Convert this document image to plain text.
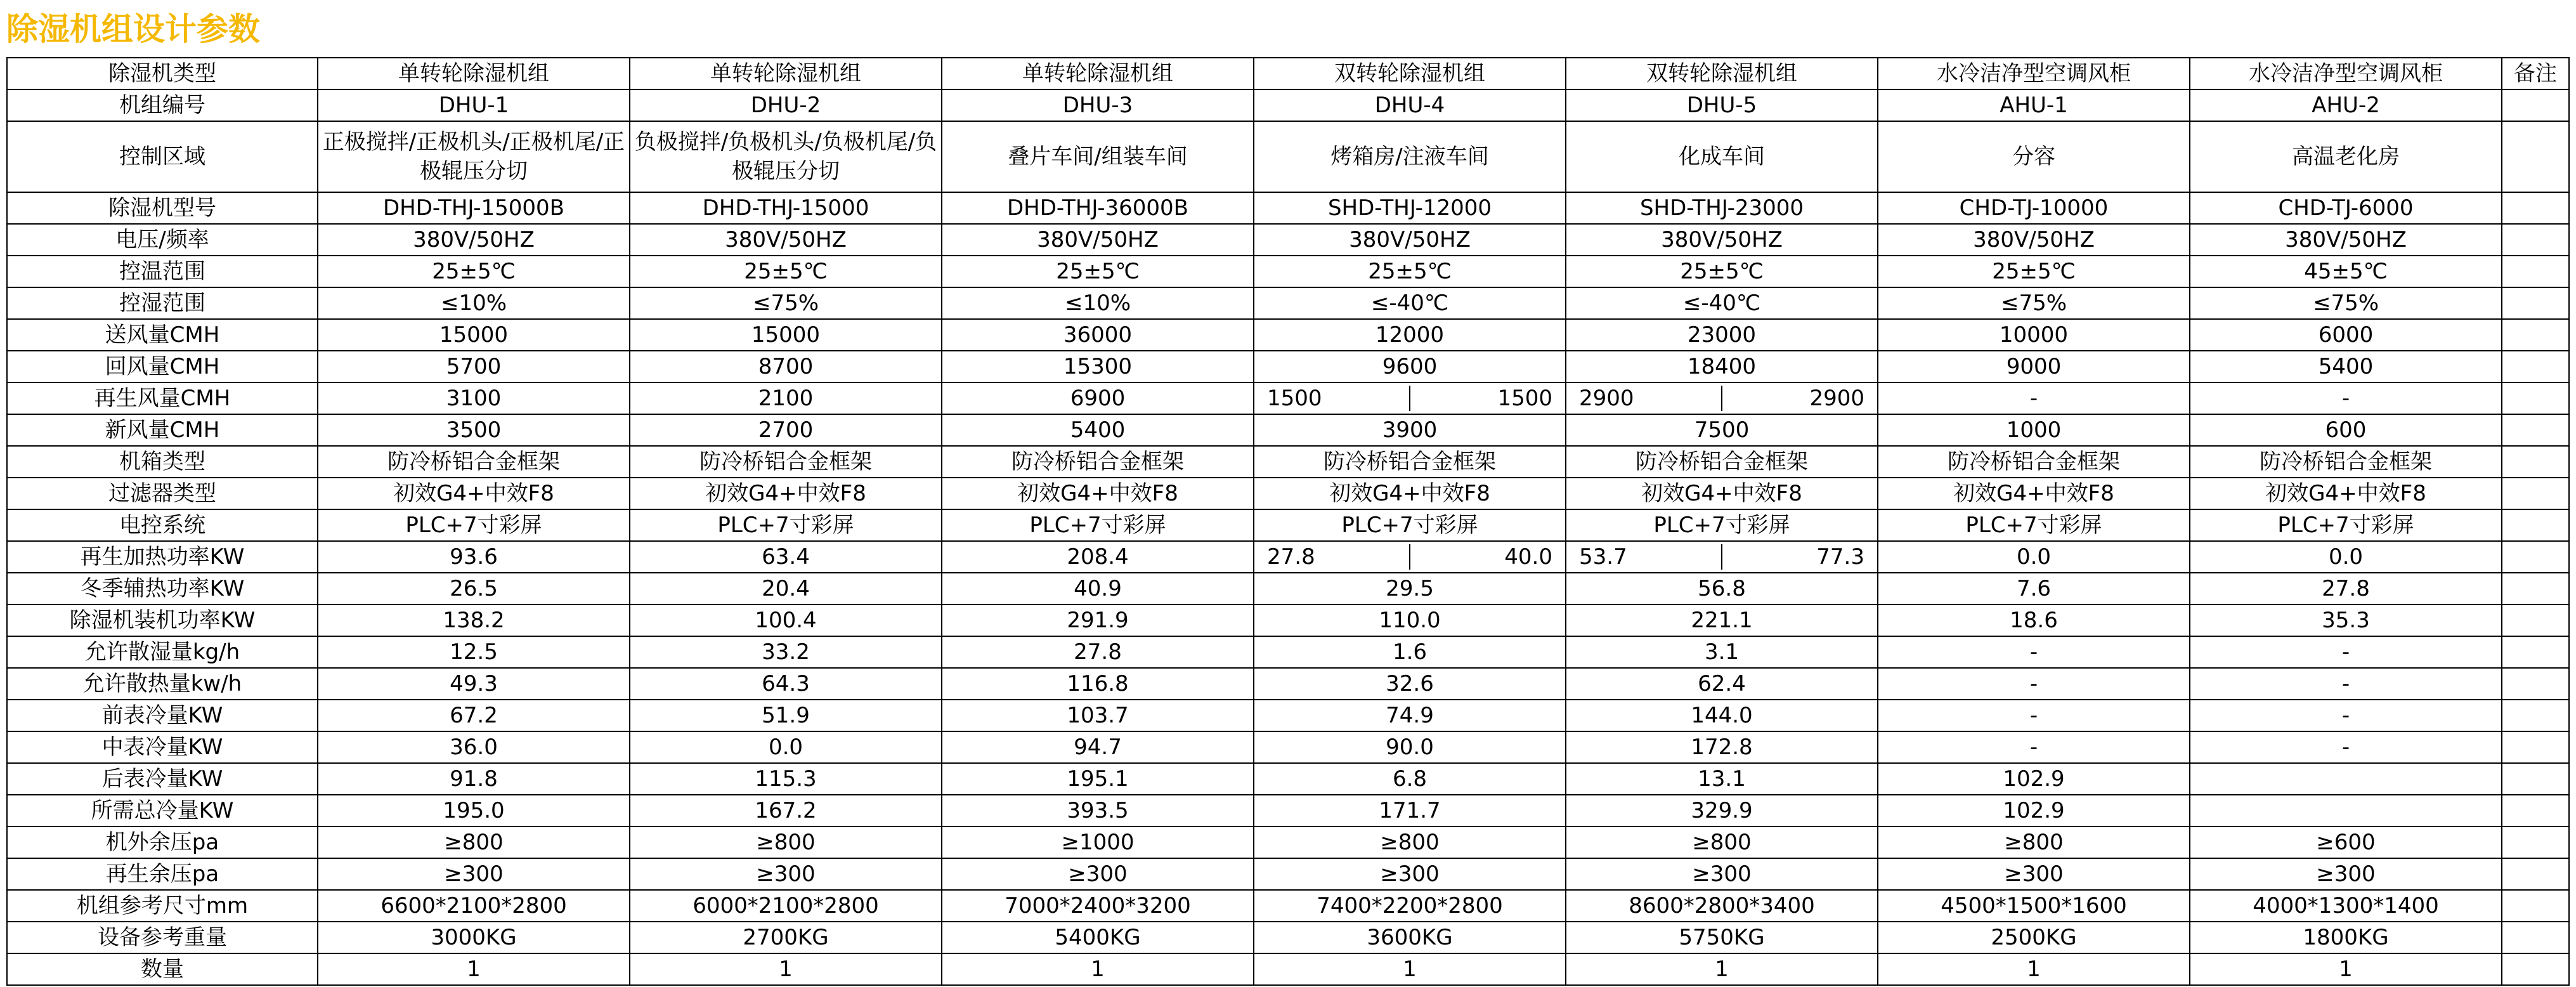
除湿机组设计参数
除湿机类型	单转轮除湿机组	单转轮除湿机组	单转轮除湿机组	双转轮除湿机组	双转轮除湿机组	水冷洁净型空调风柜	水冷洁净型空调风柜	备注
机组编号	DHU-1	DHU-2	DHU-3	DHU-4	DHU-5	AHU-1	AHU-2	
控制区域	正极搅拌/正极机头/正极机尾/正极辊压分切	负极搅拌/负极机头/负极机尾/负极辊压分切	叠片车间/组装车间	烤箱房/注液车间	化成车间	分容	高温老化房	
除湿机型号	DHD-THJ-15000B	DHD-THJ-15000	DHD-THJ-36000B	SHD-THJ-12000	SHD-THJ-23000	CHD-TJ-10000	CHD-TJ-6000	
电压/频率	380V/50HZ	380V/50HZ	380V/50HZ	380V/50HZ	380V/50HZ	380V/50HZ	380V/50HZ	
控温范围	25±5℃	25±5℃	25±5℃	25±5℃	25±5℃	25±5℃	45±5℃	
控湿范围	≤10%	≤75%	≤10%	≤-40℃	≤-40℃	≤75%	≤75%	
送风量CMH	15000	15000	36000	12000	23000	10000	6000	
回风量CMH	5700	8700	15300	9600	18400	9000	5400	
再生风量CMH	3100	2100	6900	1500 1500	2900 2900	-	-	
新风量CMH	3500	2700	5400	3900	7500	1000	600	
机箱类型	防冷桥铝合金框架	防冷桥铝合金框架	防冷桥铝合金框架	防冷桥铝合金框架	防冷桥铝合金框架	防冷桥铝合金框架	防冷桥铝合金框架	
过滤器类型	初效G4+中效F8	初效G4+中效F8	初效G4+中效F8	初效G4+中效F8	初效G4+中效F8	初效G4+中效F8	初效G4+中效F8	
电控系统	PLC+7寸彩屏	PLC+7寸彩屏	PLC+7寸彩屏	PLC+7寸彩屏	PLC+7寸彩屏	PLC+7寸彩屏	PLC+7寸彩屏	
再生加热功率KW	93.6	63.4	208.4	27.8 40.0	53.7 77.3	0.0	0.0	
冬季辅热功率KW	26.5	20.4	40.9	29.5	56.8	7.6	27.8	
除湿机装机功率KW	138.2	100.4	291.9	110.0	221.1	18.6	35.3	
允许散湿量kg/h	12.5	33.2	27.8	1.6	3.1	-	-	
允许散热量kw/h	49.3	64.3	116.8	32.6	62.4	-	-	
前表冷量KW	67.2	51.9	103.7	74.9	144.0	-	-	
中表冷量KW	36.0	0.0	94.7	90.0	172.8	-	-	
后表冷量KW	91.8	115.3	195.1	6.8	13.1	102.9		
所需总冷量KW	195.0	167.2	393.5	171.7	329.9	102.9		
机外余压pa	≥800	≥800	≥1000	≥800	≥800	≥800	≥600	
再生余压pa	≥300	≥300	≥300	≥300	≥300	≥300	≥300	
机组参考尺寸mm	6600*2100*2800	6000*2100*2800	7000*2400*3200	7400*2200*2800	8600*2800*3400	4500*1500*1600	4000*1300*1400	
设备参考重量	3000KG	2700KG	5400KG	3600KG	5750KG	2500KG	1800KG	
数量	1	1	1	1	1	1	1	
